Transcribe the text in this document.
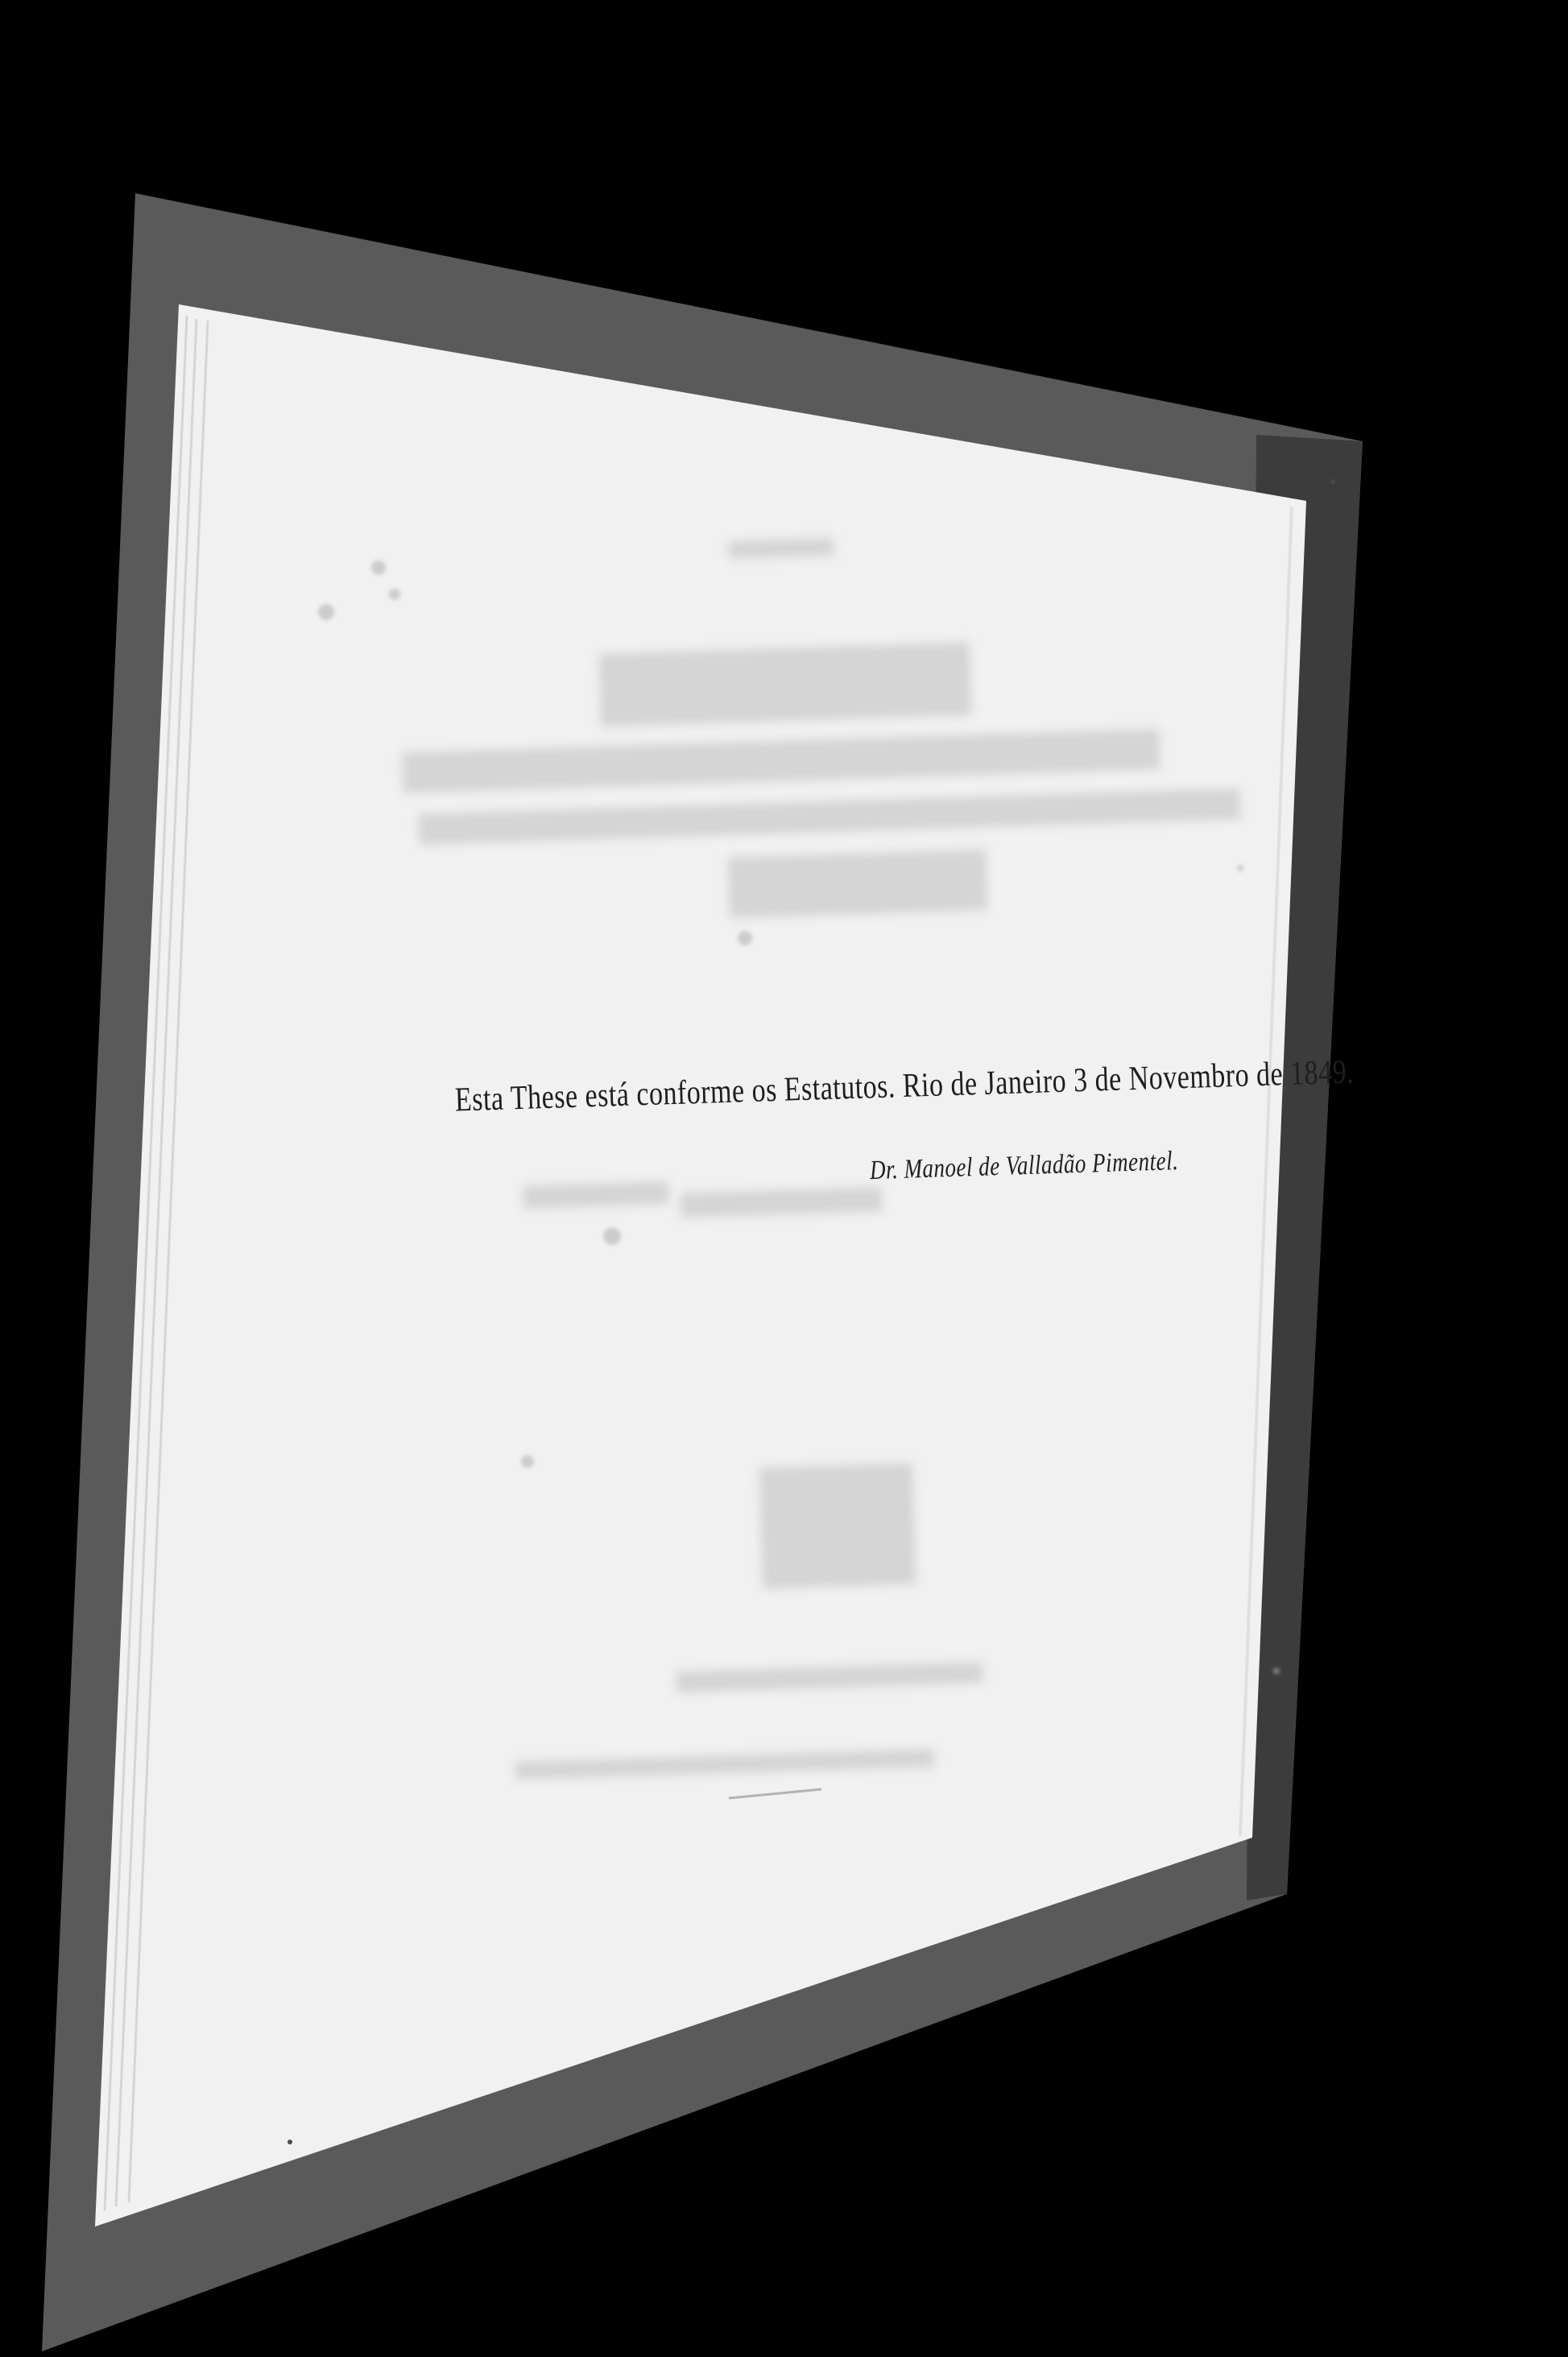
Esta These está conforme os Estatutos. Rio de Janeiro 3 de Novembro de 1849.
Dr. Manoel de Valladão Pimentel.
